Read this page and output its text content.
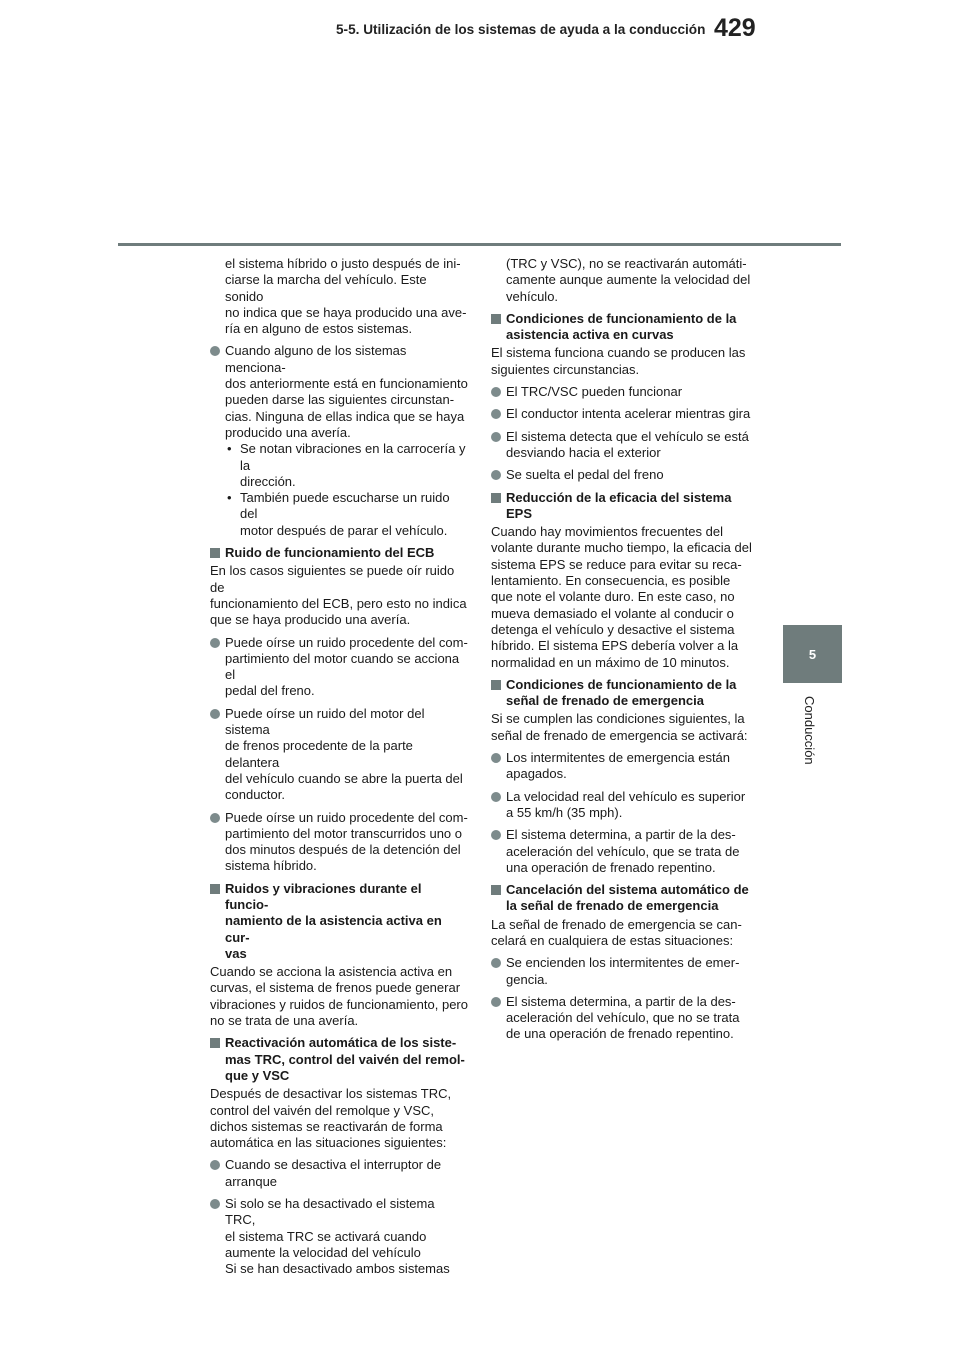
5-5. Utilización de los sistemas de ayuda a la conducción 429
5
Conducción
el sistema híbrido o justo después de ini-
ciarse la marcha del vehículo. Este sonido
no indica que se haya producido una ave-
ría en alguno de estos sistemas.
Cuando alguno de los sistemas menciona-
dos anteriormente está en funcionamiento
pueden darse las siguientes circunstan-
cias. Ninguna de ellas indica que se haya
producido una avería.
• Se notan vibraciones en la carrocería y la
dirección.
• También puede escucharse un ruido del
motor después de parar el vehículo.
Ruido de funcionamiento del ECB
En los casos siguientes se puede oír ruido de
funcionamiento del ECB, pero esto no indica
que se haya producido una avería.
Puede oírse un ruido procedente del com-
partimiento del motor cuando se acciona el
pedal del freno.
Puede oírse un ruido del motor del sistema
de frenos procedente de la parte delantera
del vehículo cuando se abre la puerta del
conductor.
Puede oírse un ruido procedente del com-
partimiento del motor transcurridos uno o
dos minutos después de la detención del
sistema híbrido.
Ruidos y vibraciones durante el funcio-
namiento de la asistencia activa en cur-
vas
Cuando se acciona la asistencia activa en
curvas, el sistema de frenos puede generar
vibraciones y ruidos de funcionamiento, pero
no se trata de una avería.
Reactivación automática de los siste-
mas TRC, control del vaivén del remol-
que y VSC
Después de desactivar los sistemas TRC,
control del vaivén del remolque y VSC,
dichos sistemas se reactivarán de forma
automática en las situaciones siguientes:
Cuando se desactiva el interruptor de
arranque
Si solo se ha desactivado el sistema TRC,
el sistema TRC se activará cuando
aumente la velocidad del vehículo
Si se han desactivado ambos sistemas
(TRC y VSC), no se reactivarán automáti-
camente aunque aumente la velocidad del
vehículo.
Condiciones de funcionamiento de la
asistencia activa en curvas
El sistema funciona cuando se producen las
siguientes circunstancias.
El TRC/VSC pueden funcionar
El conductor intenta acelerar mientras gira
El sistema detecta que el vehículo se está
desviando hacia el exterior
Se suelta el pedal del freno
Reducción de la eficacia del sistema
EPS
Cuando hay movimientos frecuentes del
volante durante mucho tiempo, la eficacia del
sistema EPS se reduce para evitar su reca-
lentamiento. En consecuencia, es posible
que note el volante duro. En este caso, no
mueva demasiado el volante al conducir o
detenga el vehículo y desactive el sistema
híbrido. El sistema EPS debería volver a la
normalidad en un máximo de 10 minutos.
Condiciones de funcionamiento de la
señal de frenado de emergencia
Si se cumplen las condiciones siguientes, la
señal de frenado de emergencia se activará:
Los intermitentes de emergencia están
apagados.
La velocidad real del vehículo es superior
a 55 km/h (35 mph).
El sistema determina, a partir de la des-
aceleración del vehículo, que se trata de
una operación de frenado repentino.
Cancelación del sistema automático de
la señal de frenado de emergencia
La señal de frenado de emergencia se can-
celará en cualquiera de estas situaciones:
Se encienden los intermitentes de emer-
gencia.
El sistema determina, a partir de la des-
aceleración del vehículo, que no se trata
de una operación de frenado repentino.
